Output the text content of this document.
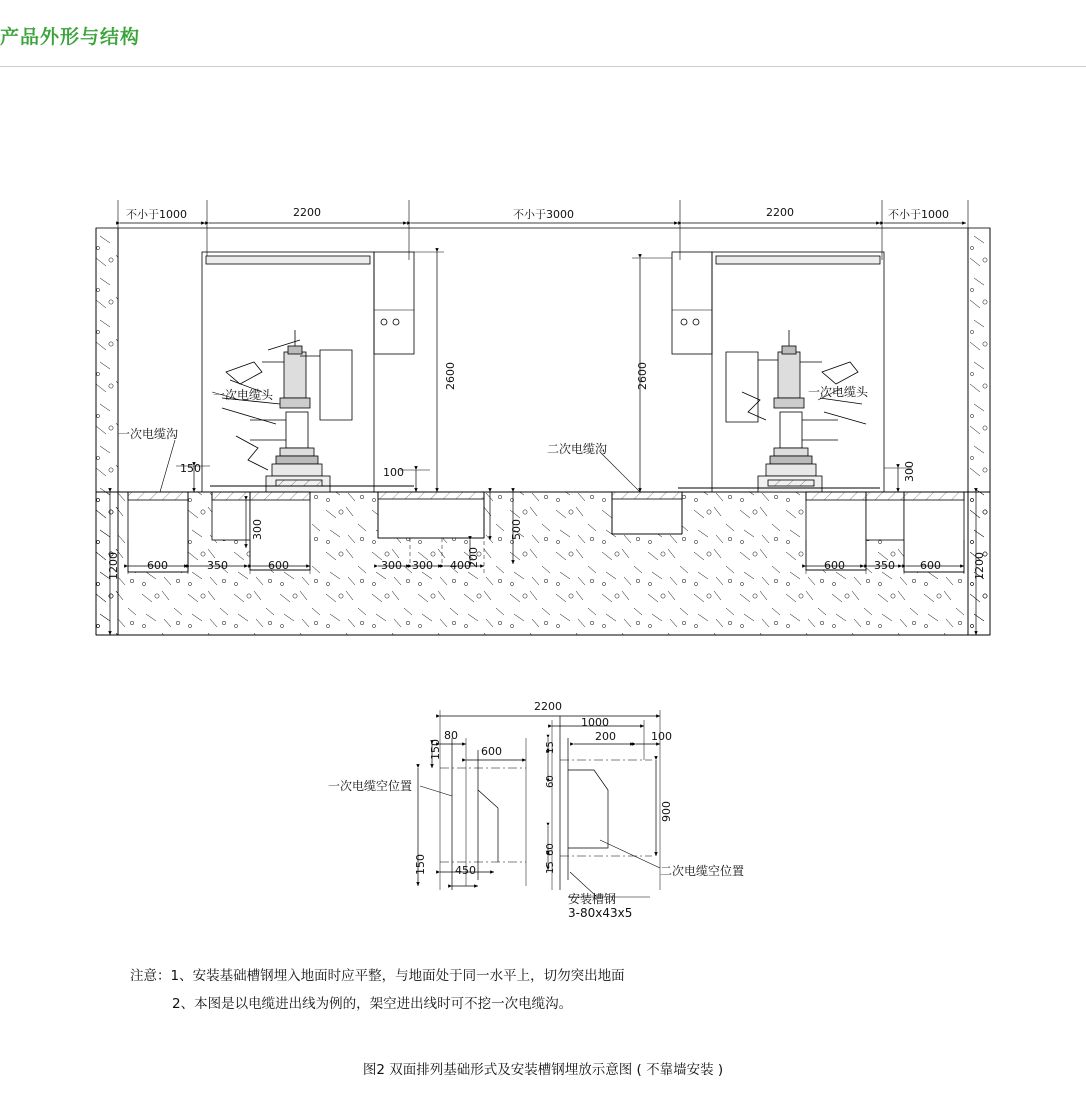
产品外形与结构
不小于1000	2200	不小于3000	2200	不小于1000
2600	2600
150	100
300
300
1200	1200
600	350	600	600	350 600
300 300 400
500
200
一次电缆沟
一次电缆头
二次电缆沟
一次电缆头
2200
80
600
1000
200	100
150
150	450
15
60
15
60
900
一次电缆空位置
二次电缆空位置
安装槽钢
3-80x43x5
注意：1、安装基础槽钢埋入地面时应平整，与地面处于同一水平上，切勿突出地面
2、本图是以电缆进出线为例的，架空进出线时可不挖一次电缆沟。
图2 双面排列基础形式及安装槽钢埋放示意图 ( 不靠墙安装 )
